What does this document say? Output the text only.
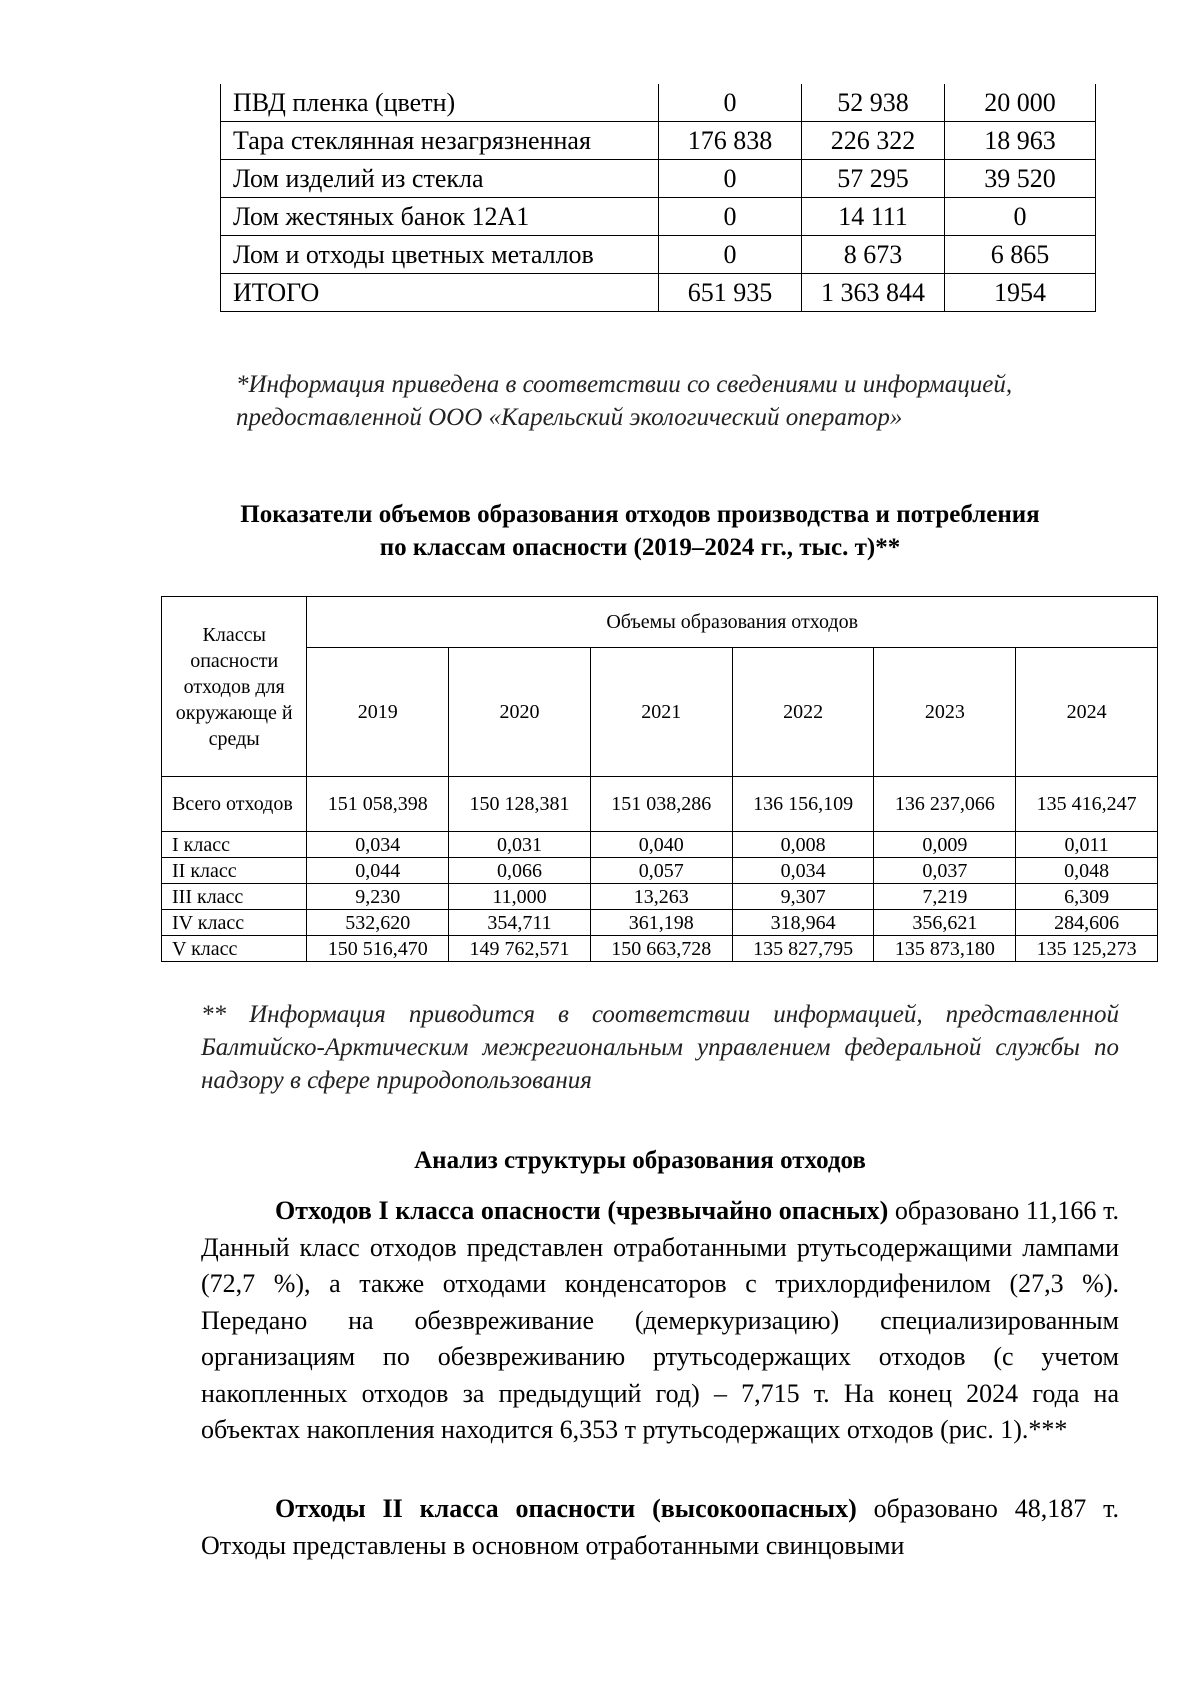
ПВД пленка (цветн)	0	52 938	20 000
Тара стеклянная незагрязненная	176 838	226 322	18 963
Лом изделий из стекла	0	57 295	39 520
Лом жестяных банок 12А1	0	14 111	0
Лом и отходы цветных металлов	0	8 673	6 865
ИТОГО	651 935	1 363 844	1954
*Информация приведена в соответствии со сведениями и информацией, предоставленной ООО «Карельский экологический оператор»
Показатели объемов образования отходов производства и потребления
по классам опасности (2019–2024 гг., тыс. т)**
Классы опасности отходов для окружающе й среды	Объемы образования отходов					
	2019	2020	2021	2022	2023	2024
Всего отходов	151 058,398	150 128,381	151 038,286	136 156,109	136 237,066	135 416,247
I класс	0,034	0,031	0,040	0,008	0,009	0,011
II класс	0,044	0,066	0,057	0,034	0,037	0,048
III класс	9,230	11,000	13,263	9,307	7,219	6,309
IV класс	532,620	354,711	361,198	318,964	356,621	284,606
V класс	150 516,470	149 762,571	150 663,728	135 827,795	135 873,180	135 125,273
** Информация приводится в соответствии информацией, представленной Балтийско-Арктическим межрегиональным управлением федеральной службы по надзору в сфере природопользования
Анализ структуры образования отходов
Отходов I класса опасности (чрезвычайно опасных) образовано 11,166 т. Данный класс отходов представлен отработанными ртутьсодержащими лампами (72,7 %), а также отходами конденсаторов с трихлордифенилом (27,3 %). Передано на обезвреживание (демеркуризацию) специализированным организациям по обезвреживанию ртутьсодержащих отходов (с учетом накопленных отходов за предыдущий год) – 7,715 т. На конец 2024 года на объектах накопления находится 6,353 т ртутьсодержащих отходов (рис. 1).***
Отходы II класса опасности (высокоопасных) образовано 48,187 т. Отходы представлены в основном отработанными свинцовыми
